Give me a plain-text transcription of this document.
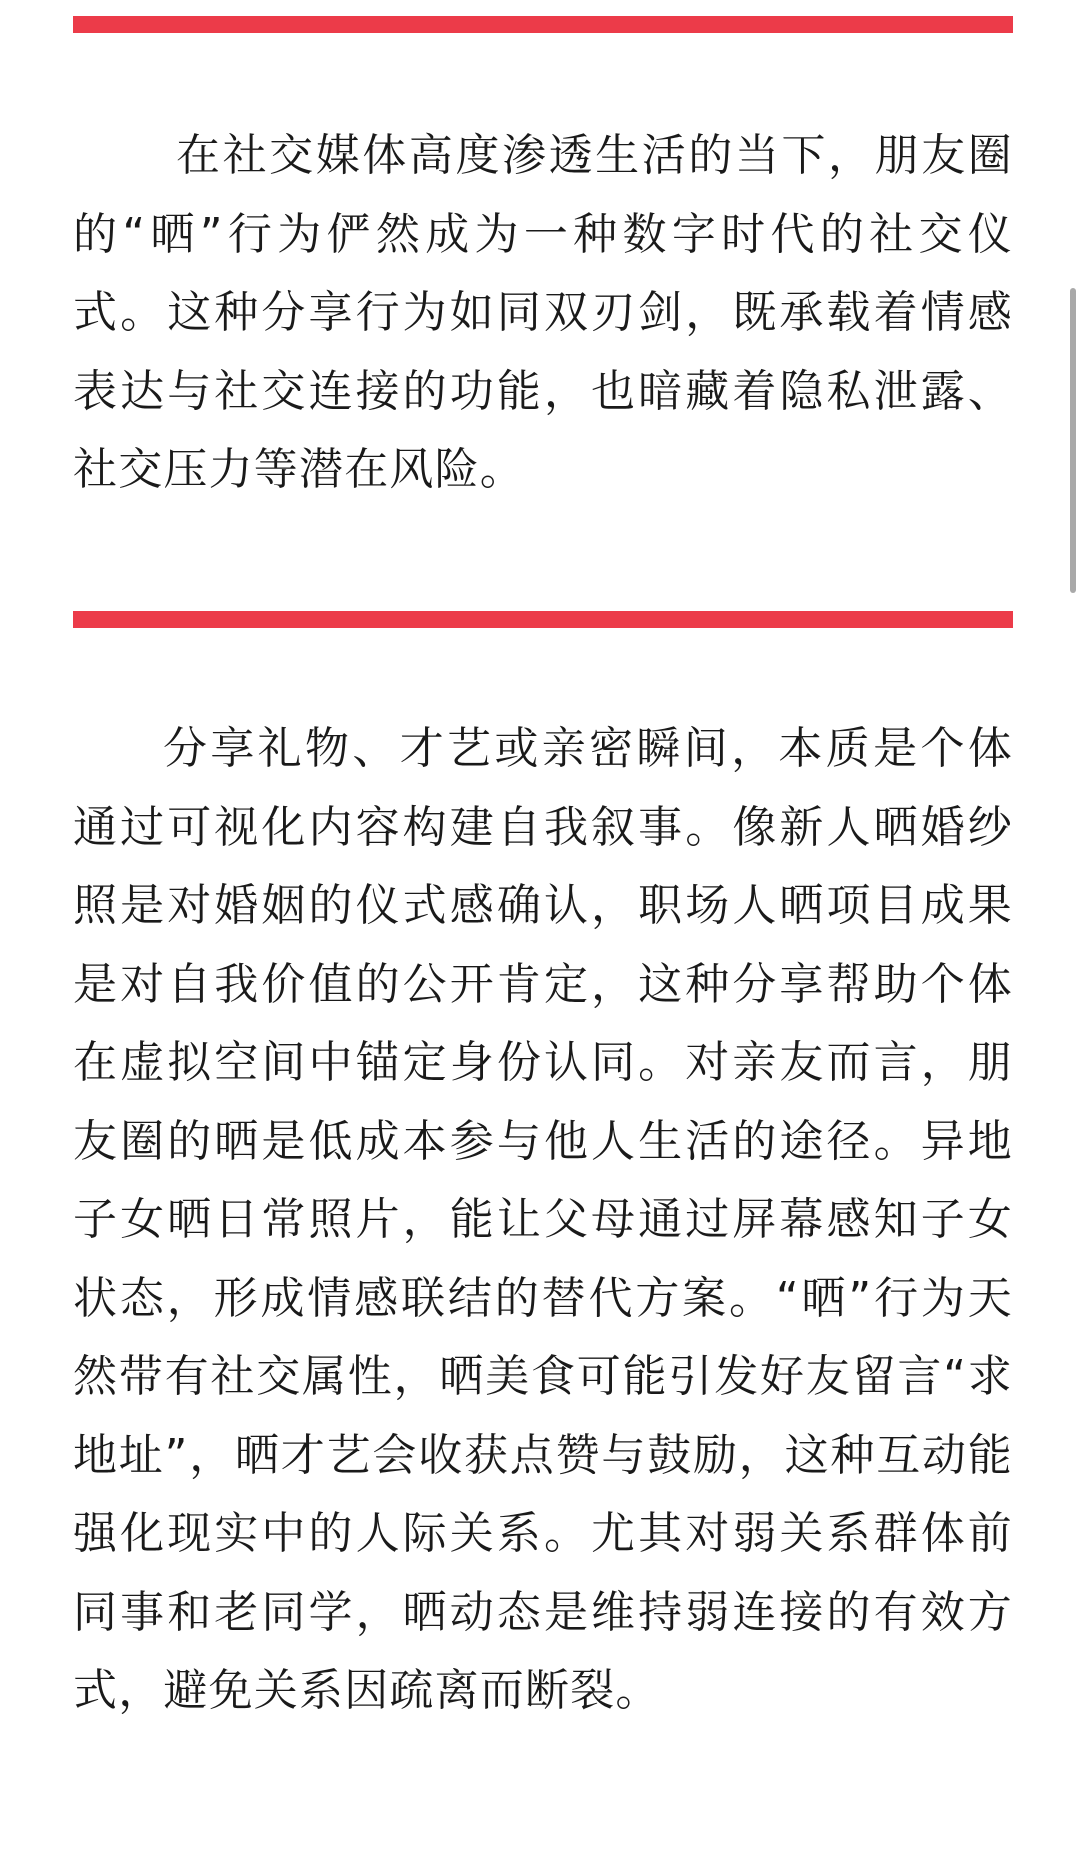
在社交媒体高度渗透生活的当下，朋友圈的“晒”行为俨然成为一种数字时代的社交仪式。这种分享行为如同双刃剑，既承载着情感表达与社交连接的功能，也暗藏着隐私泄露、社交压力等潜在风险。

分享礼物、才艺或亲密瞬间，本质是个体通过可视化内容构建自我叙事。像新人晒婚纱照是对婚姻的仪式感确认，职场人晒项目成果是对自我价值的公开肯定，这种分享帮助个体在虚拟空间中锚定身份认同。对亲友而言，朋友圈的晒是低成本参与他人生活的途径。异地子女晒日常照片，能让父母通过屏幕感知子女状态，形成情感联结的替代方案。“晒”行为天然带有社交属性，晒美食可能引发好友留言“求地址”，晒才艺会收获点赞与鼓励，这种互动能强化现实中的人际关系。尤其对弱关系群体前同事和老同学，晒动态是维持弱连接的有效方式，避免关系因疏离而断裂。
